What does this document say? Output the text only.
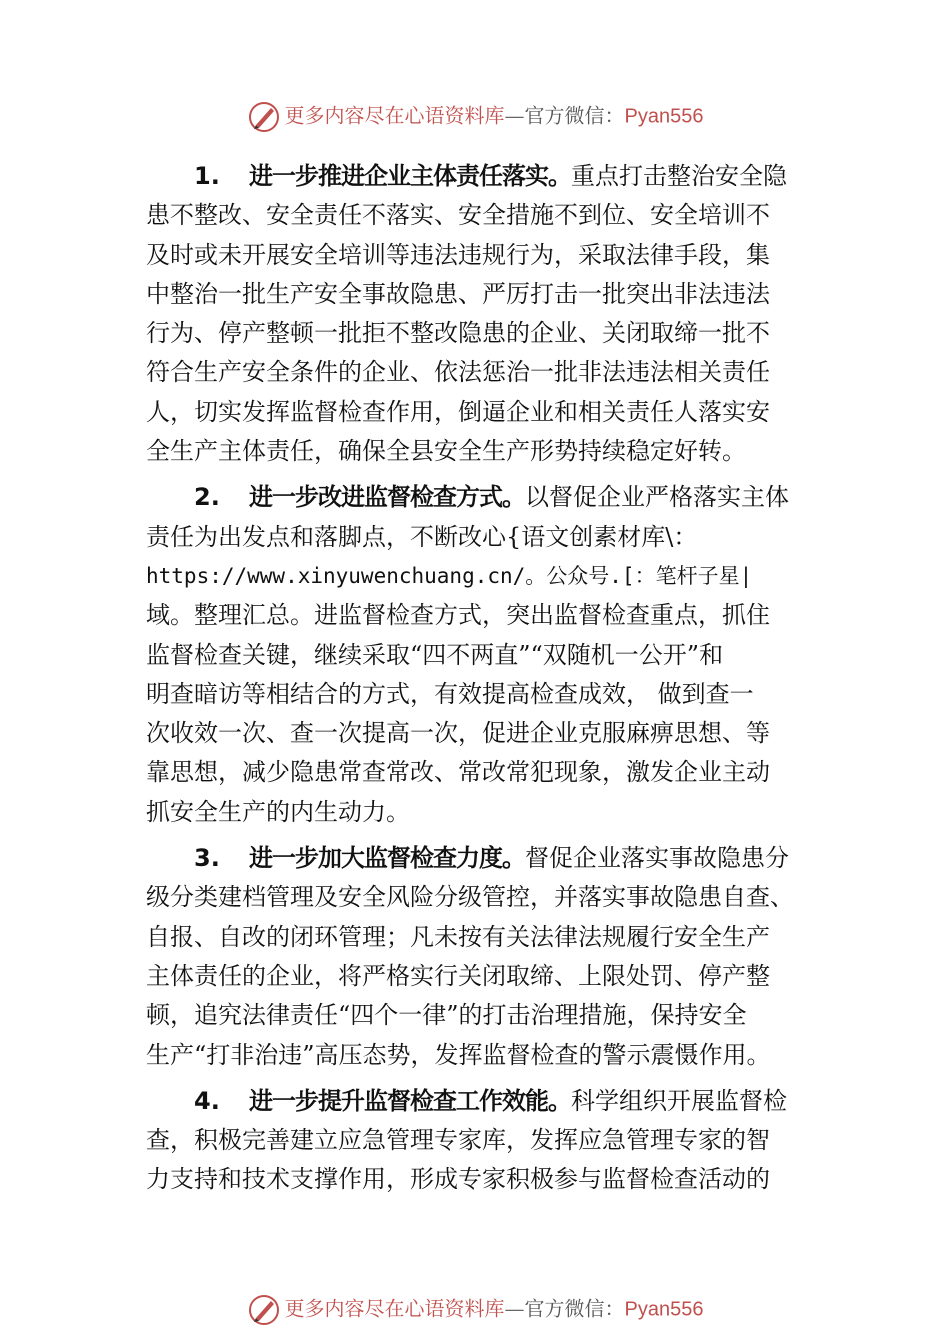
更多内容尽在心语资料库—官方微信：Pyan556
1. 进一步推进企业主体责任落实。重点打击整治安全隐
患不整改、安全责任不落实、安全措施不到位、安全培训不
及时或未开展安全培训等违法违规行为，采取法律手段，集
中整治一批生产安全事故隐患、严厉打击一批突出非法违法
行为、停产整顿一批拒不整改隐患的企业、关闭取缔一批不
符合生产安全条件的企业、依法惩治一批非法违法相关责任
人，切实发挥监督检查作用，倒逼企业和相关责任人落实安
全生产主体责任，确保全县安全生产形势持续稳定好转。
2. 进一步改进监督检查方式。以督促企业严格落实主体
责任为出发点和落脚点，不断改心{语文创素材库\：
https://www.xinyuwenchuang.cn/。公众号.[：笔杆子星|
域。整理汇总。进监督检查方式，突出监督检查重点，抓住
监督检查关键，继续采取“四不两直”“双随机一公开”和
明查暗访等相结合的方式，有效提高检查成效， 做到查一
次收效一次、查一次提高一次，促进企业克服麻痹思想、等
靠思想，减少隐患常查常改、常改常犯现象，激发企业主动
抓安全生产的内生动力。
3. 进一步加大监督检查力度。督促企业落实事故隐患分
级分类建档管理及安全风险分级管控，并落实事故隐患自查、
自报、自改的闭环管理；凡未按有关法律法规履行安全生产
主体责任的企业，将严格实行关闭取缔、上限处罚、停产整
顿，追究法律责任“四个一律”的打击治理措施，保持安全
生产“打非治违”高压态势，发挥监督检查的警示震慑作用。
4. 进一步提升监督检查工作效能。科学组织开展监督检
查，积极完善建立应急管理专家库，发挥应急管理专家的智
力支持和技术支撑作用，形成专家积极参与监督检查活动的
更多内容尽在心语资料库—官方微信：Pyan556
